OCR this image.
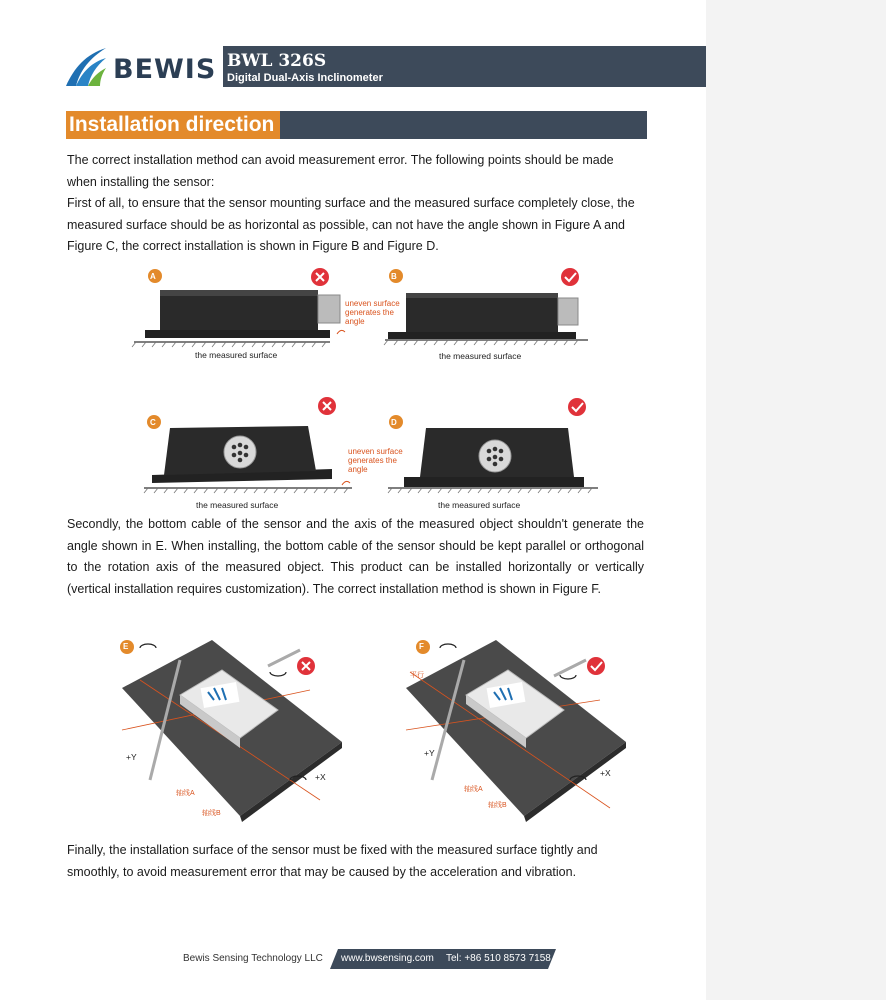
BEWIS BWL 326S
Digital Dual-Axis Inclinometer
Installation direction

The correct installation method can avoid measurement error. The following points should be made when installing the sensor:

First of all, to ensure that the sensor mounting surface and the measured surface completely close, the measured surface should be as horizontal as possible, can not have the angle shown in Figure A and Figure C, the correct installation is shown in Figure B and Figure D.

A
uneven surface
generates the
angle
the measured surface
B
the measured surface
C
uneven surface
generates the
angle
the measured surface
D
the measured surface

Secondly, the bottom cable of the sensor and the axis of the measured object shouldn't generate the angle shown in E. When installing, the bottom cable of the sensor should be kept parallel or orthogonal to the rotation axis of the measured object. This product can be installed horizontally or vertically (vertical installation requires customization). The correct installation method is shown in Figure F.

E
+Y
+X
轴线A
轴线B
F
+Y
+X
轴线A
轴线B
平行

Finally, the installation surface of the sensor must be fixed with the measured surface tightly and smoothly, to avoid measurement error that may be caused by the acceleration and vibration.

Bewis Sensing Technology LLC www.bwsensing.com Tel: +86 510 8573 7158
